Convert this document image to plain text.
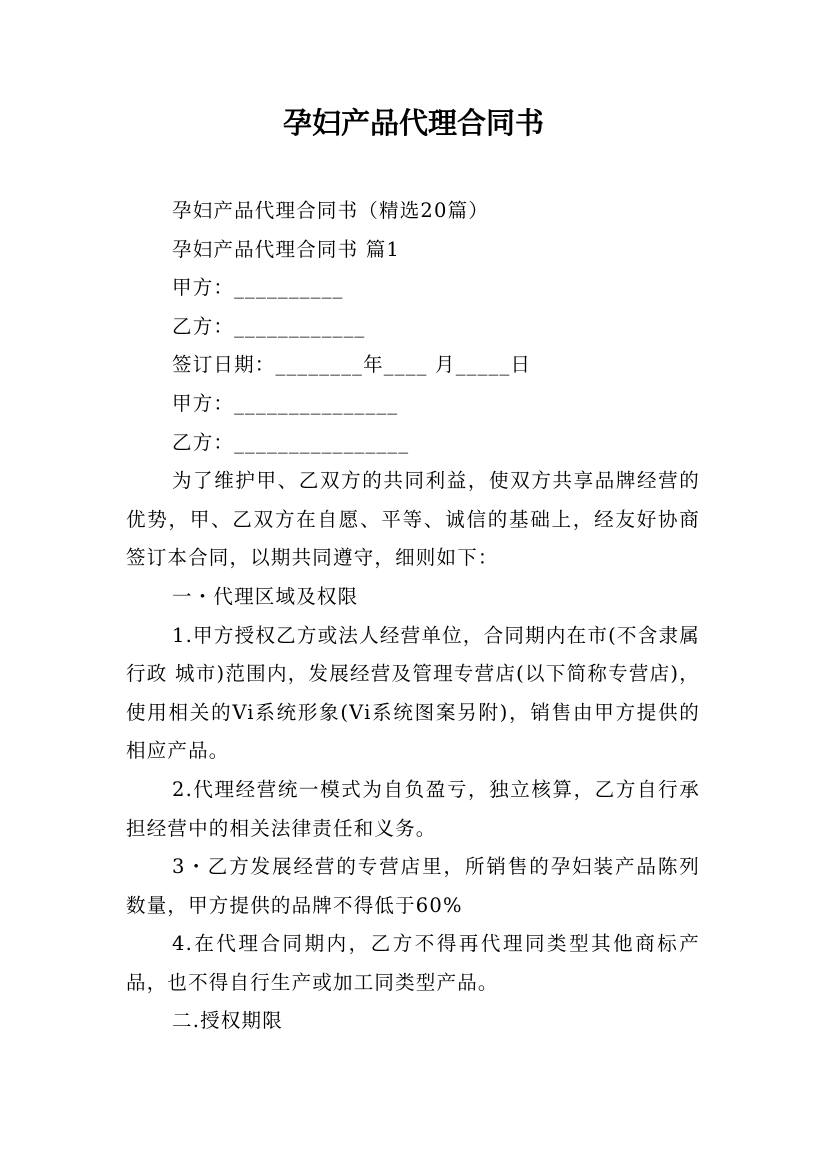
孕妇产品代理合同书

孕妇产品代理合同书（精选20篇）

孕妇产品代理合同书 篇1

甲方：__________

乙方：____________

签订日期：________年____ 月_____日

甲方：_______________

乙方：________________

为了维护甲、乙双方的共同利益，使双方共享品牌经营的优势，甲、乙双方在自愿、平等、诚信的基础上，经友好协商签订本合同，以期共同遵守，细则如下：

一・代理区域及权限

1.甲方授权乙方或法人经营单位，合同期内在市(不含隶属行政 城市)范围内，发展经营及管理专营店(以下简称专营店)，使用相关的Vi系统形象(Vi系统图案另附)，销售由甲方提供的相应产品。

2.代理经营统一模式为自负盈亏，独立核算，乙方自行承担经营中的相关法律责任和义务。

3・乙方发展经营的专营店里，所销售的孕妇装产品陈列数量，甲方提供的品牌不得低于60%

4.在代理合同期内，乙方不得再代理同类型其他商标产品，也不得自行生产或加工同类型产品。

二.授权期限
